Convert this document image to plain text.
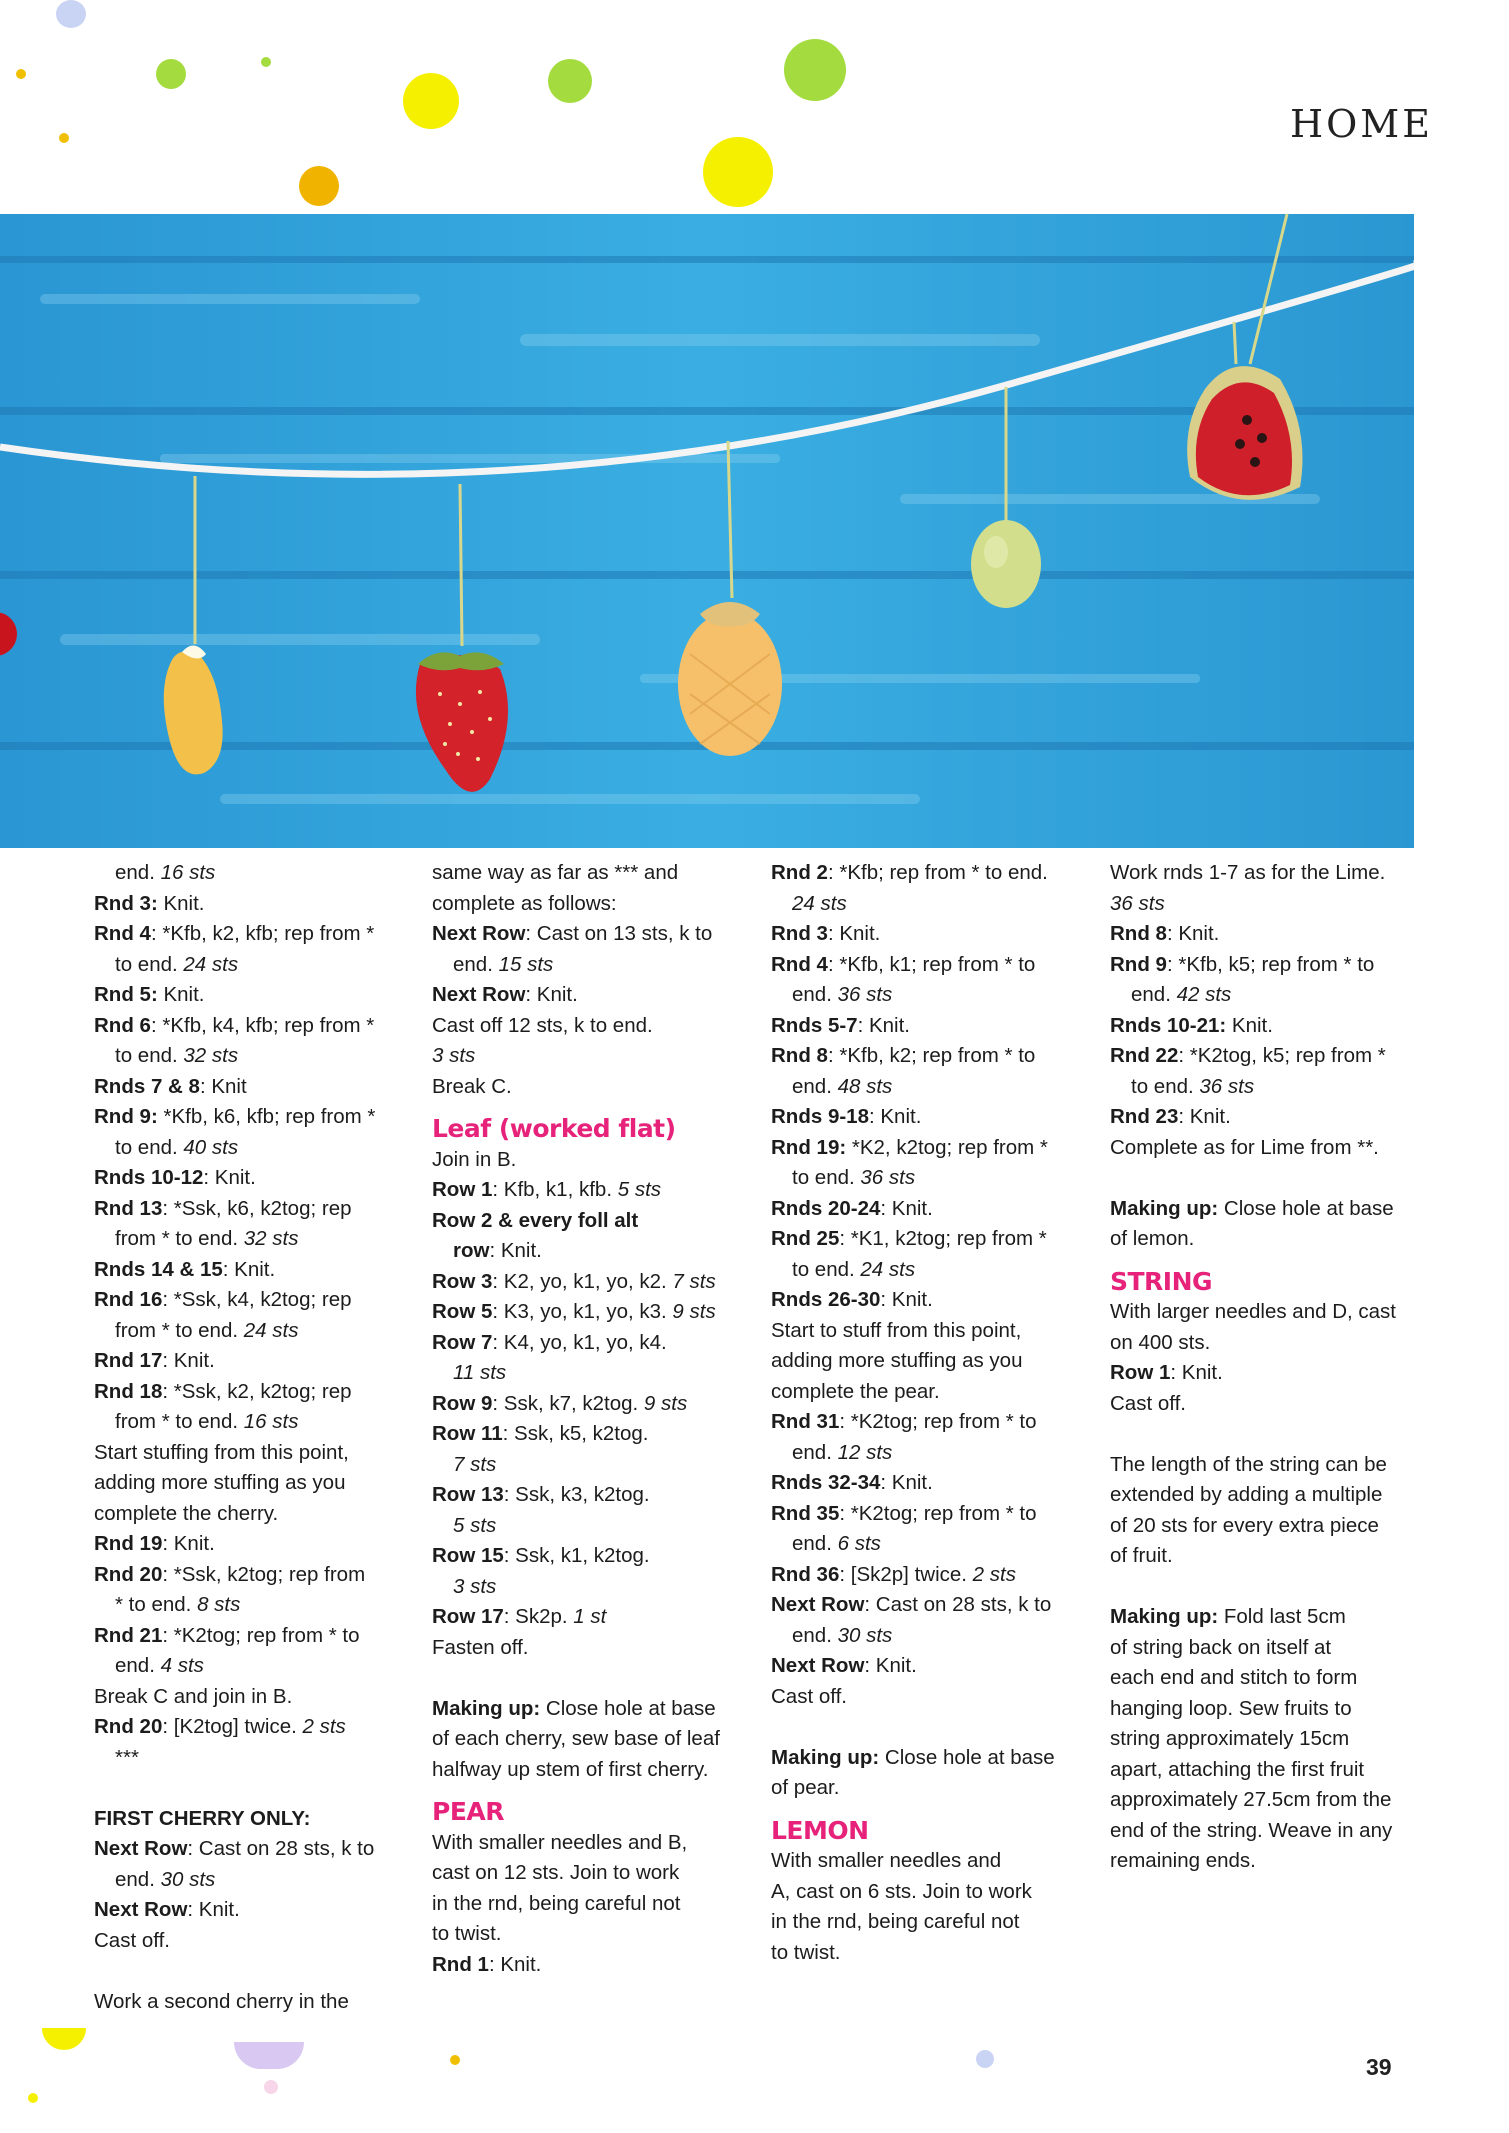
HOME
end. 16 sts
Rnd 3: Knit.
Rnd 4: *Kfb, k2, kfb; rep from *
to end. 24 sts
Rnd 5: Knit.
Rnd 6: *Kfb, k4, kfb; rep from *
to end. 32 sts
Rnds 7 & 8: Knit
Rnd 9: *Kfb, k6, kfb; rep from *
to end. 40 sts
Rnds 10-12: Knit.
Rnd 13: *Ssk, k6, k2tog; rep
from * to end. 32 sts
Rnds 14 & 15: Knit.
Rnd 16: *Ssk, k4, k2tog; rep
from * to end. 24 sts
Rnd 17: Knit.
Rnd 18: *Ssk, k2, k2tog; rep
from * to end. 16 sts
Start stuffing from this point,
adding more stuffing as you
complete the cherry.
Rnd 19: Knit.
Rnd 20: *Ssk, k2tog; rep from
* to end. 8 sts
Rnd 21: *K2tog; rep from * to
end. 4 sts
Break C and join in B.
Rnd 20: [K2tog] twice. 2 sts
***
FIRST CHERRY ONLY:
Next Row: Cast on 28 sts, k to
end. 30 sts
Next Row: Knit.
Cast off.
Work a second cherry in the
same way as far as *** and
complete as follows:
Next Row: Cast on 13 sts, k to
end. 15 sts
Next Row: Knit.
Cast off 12 sts, k to end.
3 sts
Break C.
Leaf (worked flat)
Join in B.
Row 1: Kfb, k1, kfb. 5 sts
Row 2 & every foll alt
row: Knit.
Row 3: K2, yo, k1, yo, k2. 7 sts
Row 5: K3, yo, k1, yo, k3. 9 sts
Row 7: K4, yo, k1, yo, k4.
11 sts
Row 9: Ssk, k7, k2tog. 9 sts
Row 11: Ssk, k5, k2tog.
7 sts
Row 13: Ssk, k3, k2tog.
5 sts
Row 15: Ssk, k1, k2tog.
3 sts
Row 17: Sk2p. 1 st
Fasten off.
Making up: Close hole at base
of each cherry, sew base of leaf
halfway up stem of first cherry.
PEAR
With smaller needles and B,
cast on 12 sts. Join to work
in the rnd, being careful not
to twist.
Rnd 1: Knit.
Rnd 2: *Kfb; rep from * to end.
24 sts
Rnd 3: Knit.
Rnd 4: *Kfb, k1; rep from * to
end. 36 sts
Rnds 5-7: Knit.
Rnd 8: *Kfb, k2; rep from * to
end. 48 sts
Rnds 9-18: Knit.
Rnd 19: *K2, k2tog; rep from *
to end. 36 sts
Rnds 20-24: Knit.
Rnd 25: *K1, k2tog; rep from *
to end. 24 sts
Rnds 26-30: Knit.
Start to stuff from this point,
adding more stuffing as you
complete the pear.
Rnd 31: *K2tog; rep from * to
end. 12 sts
Rnds 32-34: Knit.
Rnd 35: *K2tog; rep from * to
end. 6 sts
Rnd 36: [Sk2p] twice. 2 sts
Next Row: Cast on 28 sts, k to
end. 30 sts
Next Row: Knit.
Cast off.
Making up: Close hole at base
of pear.
LEMON
With smaller needles and
A, cast on 6 sts. Join to work
in the rnd, being careful not
to twist.
Work rnds 1-7 as for the Lime.
36 sts
Rnd 8: Knit.
Rnd 9: *Kfb, k5; rep from * to
end. 42 sts
Rnds 10-21: Knit.
Rnd 22: *K2tog, k5; rep from *
to end. 36 sts
Rnd 23: Knit.
Complete as for Lime from **.
Making up: Close hole at base
of lemon.
STRING
With larger needles and D, cast
on 400 sts.
Row 1: Knit.
Cast off.
The length of the string can be
extended by adding a multiple
of 20 sts for every extra piece
of fruit.
Making up: Fold last 5cm
of string back on itself at
each end and stitch to form
hanging loop. Sew fruits to
string approximately 15cm
apart, attaching the first fruit
approximately 27.5cm from the
end of the string. Weave in any
remaining ends.
39
